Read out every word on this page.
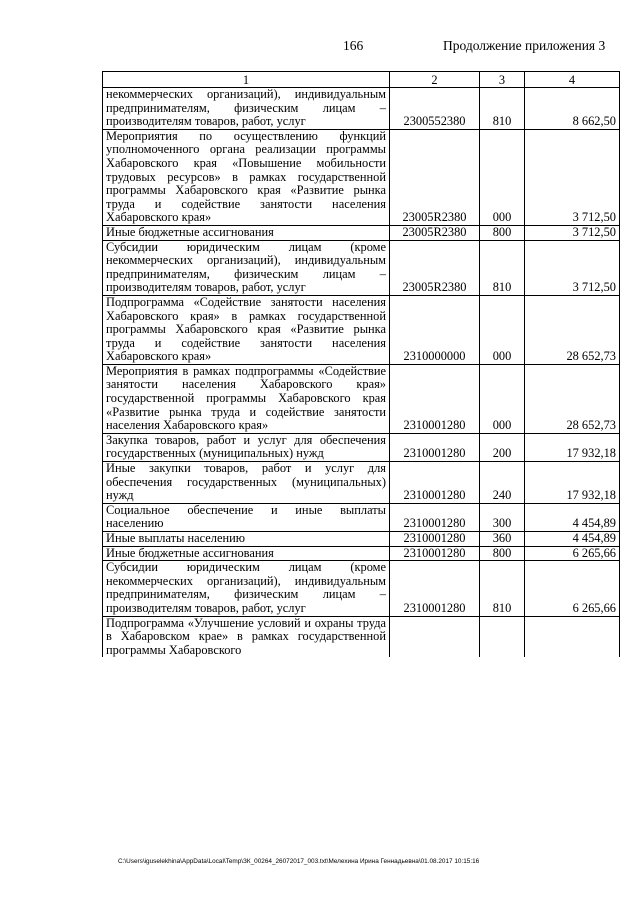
166	Продолжение приложения 3
1	2	3	4
некоммерческих организаций), индивидуальным предпринимателям, физическим лицам – производителям товаров, работ, услуг	2300552380	810	8 662,50
Мероприятия по осуществлению функций уполномоченного органа реализации программы Хабаровского края «Повышение мобильности трудовых ресурсов» в рамках государственной программы Хабаровского края «Развитие рынка труда и содействие занятости населения Хабаровского края»	23005R2380	000	3 712,50
Иные бюджетные ассигнования	23005R2380	800	3 712,50
Субсидии юридическим лицам (кроме некоммерческих организаций), индивидуальным предпринимателям, физическим лицам – производителям товаров, работ, услуг	23005R2380	810	3 712,50
Подпрограмма «Содействие занятости населения Хабаровского края» в рамках государственной программы Хабаровского края «Развитие рынка труда и содействие занятости населения Хабаровского края»	2310000000	000	28 652,73
Мероприятия в рамках подпрограммы «Содействие занятости населения Хабаровского края» государственной программы Хабаровского края «Развитие рынка труда и содействие занятости населения Хабаровского края»	2310001280	000	28 652,73
Закупка товаров, работ и услуг для обеспечения государственных (муниципальных) нужд	2310001280	200	17 932,18
Иные закупки товаров, работ и услуг для обеспечения государственных (муниципальных) нужд	2310001280	240	17 932,18
Социальное обеспечение и иные выплаты населению	2310001280	300	4 454,89
Иные выплаты населению	2310001280	360	4 454,89
Иные бюджетные ассигнования	2310001280	800	6 265,66
Субсидии юридическим лицам (кроме некоммерческих организаций), индивидуальным предпринимателям, физическим лицам – производителям товаров, работ, услуг	2310001280	810	6 265,66
Подпрограмма «Улучшение условий и охраны труда в Хабаровском крае» в рамках государственной программы Хабаровского			
C:\Users\iguselekhina\AppData\Local\Temp\ЗК_00264_26072017_003.txt\Мелехина Ирина Геннадьевна\01.08.2017 10:15:16
